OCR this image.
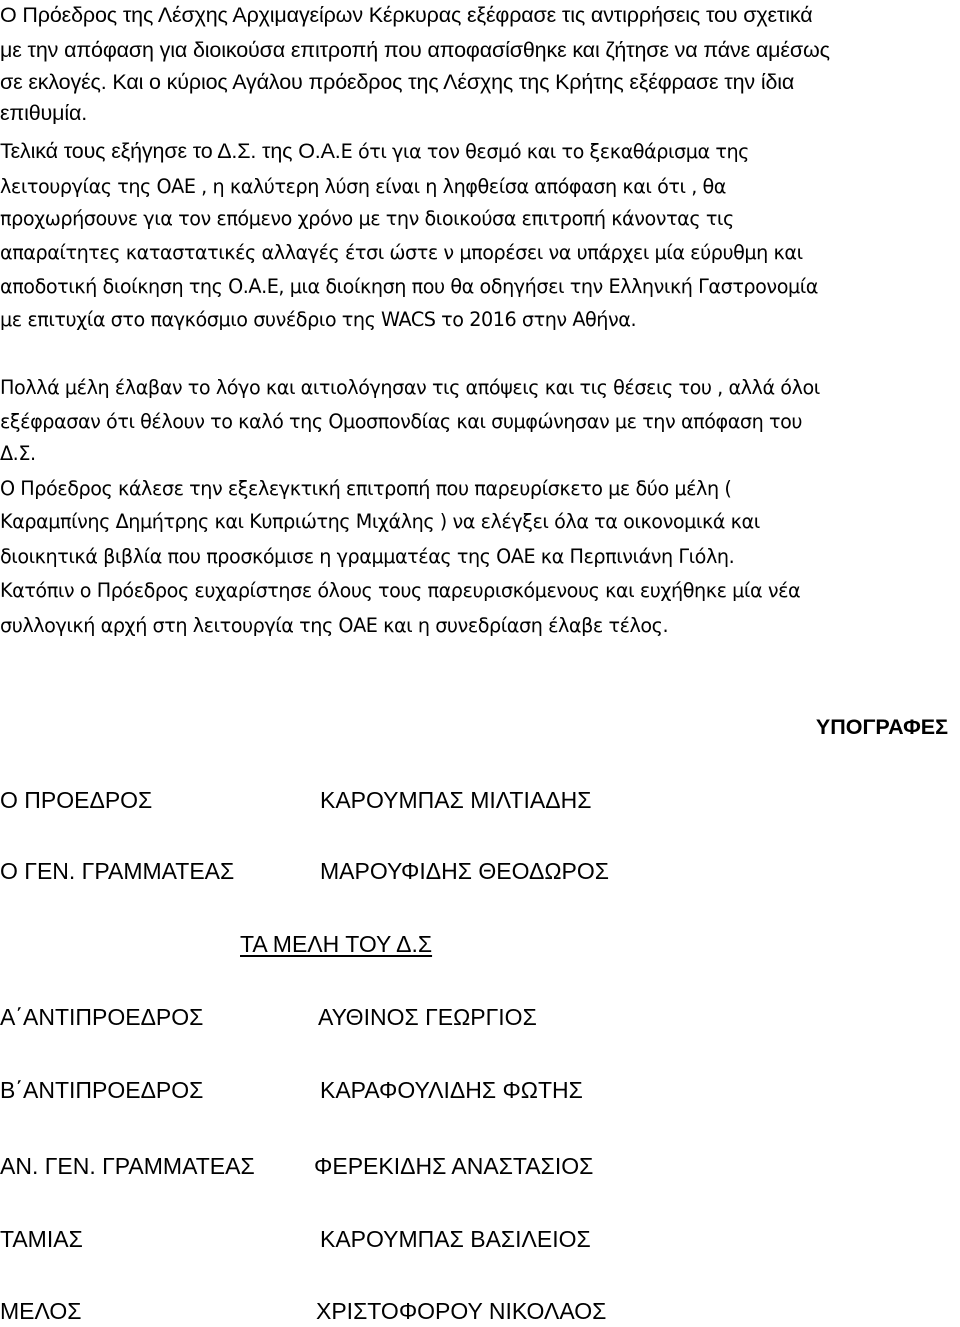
Ο Πρόεδρος της Λέσχης Αρχιμαγείρων Κέρκυρας εξέφρασε τις αντιρρήσεις του σχετικά
με την απόφαση για διοικούσα επιτροπή που αποφασίσθηκε και ζήτησε να πάνε αμέσως
σε εκλογές. Και ο κύριος Αγάλου πρόεδρος της Λέσχης της Κρήτης εξέφρασε την ίδια
επιθυμία.
Τελικά τους εξήγησε το Δ.Σ. της Ο.Α.Ε ότι για τον θεσμό και το ξεκαθάρισμα της
λειτουργίας της ΟΑΕ , η καλύτερη λύση είναι η ληφθείσα απόφαση και ότι , θα
προχωρήσουνε για τον επόμενο χρόνο με την διοικούσα επιτροπή κάνοντας τις
απαραίτητες καταστατικές αλλαγές έτσι ώστε ν μπορέσει να υπάρχει μία εύρυθμη και
αποδοτική διοίκηση της Ο.Α.Ε, μια διοίκηση που θα οδηγήσει την Ελληνική Γαστρονομία
με επιτυχία στο παγκόσμιο συνέδριο της WACS το 2016 στην Αθήνα.
Πολλά μέλη έλαβαν το λόγο και αιτιολόγησαν τις απόψεις και τις θέσεις του , αλλά όλοι
εξέφρασαν ότι θέλουν το καλό της Ομοσπονδίας και συμφώνησαν με την απόφαση του
Δ.Σ.
Ο Πρόεδρος κάλεσε την εξελεγκτική επιτροπή που παρευρίσκετο με δύο μέλη (
Καραμπίνης Δημήτρης και Κυπριώτης Μιχάλης ) να ελέγξει όλα τα οικονομικά και
διοικητικά βιβλία που προσκόμισε η γραμματέας της ΟΑΕ κα Περπινιάνη Γιόλη.
Κατόπιν ο Πρόεδρος ευχαρίστησε όλους τους παρευρισκόμενους και ευχήθηκε μία νέα
συλλογική αρχή στη λειτουργία της ΟΑΕ και η συνεδρίαση έλαβε τέλος.
ΥΠΟΓΡΑΦΕΣ
Ο ΠΡΟΕΔΡΟΣ	ΚΑΡΟΥΜΠΑΣ ΜΙΛΤΙΑΔΗΣ
Ο ΓΕΝ. ΓΡΑΜΜΑΤΕΑΣ	ΜΑΡΟΥΦΙΔΗΣ ΘΕΟΔΩΡΟΣ
ΤΑ ΜΕΛΗ ΤΟΥ Δ.Σ
Α΄ΑΝΤΙΠΡΟΕΔΡΟΣ	ΑΥΘΙΝΟΣ ΓΕΩΡΓΙΟΣ
Β΄ΑΝΤΙΠΡΟΕΔΡΟΣ	ΚΑΡΑΦΟΥΛΙΔΗΣ ΦΩΤΗΣ
ΑΝ. ΓΕΝ. ΓΡΑΜΜΑΤΕΑΣ	ΦΕΡΕΚΙΔΗΣ ΑΝΑΣΤΑΣΙΟΣ
ΤΑΜΙΑΣ	ΚΑΡΟΥΜΠΑΣ ΒΑΣΙΛΕΙΟΣ
ΜΕΛΟΣ	ΧΡΙΣΤΟΦΟΡΟΥ ΝΙΚΟΛΑΟΣ
